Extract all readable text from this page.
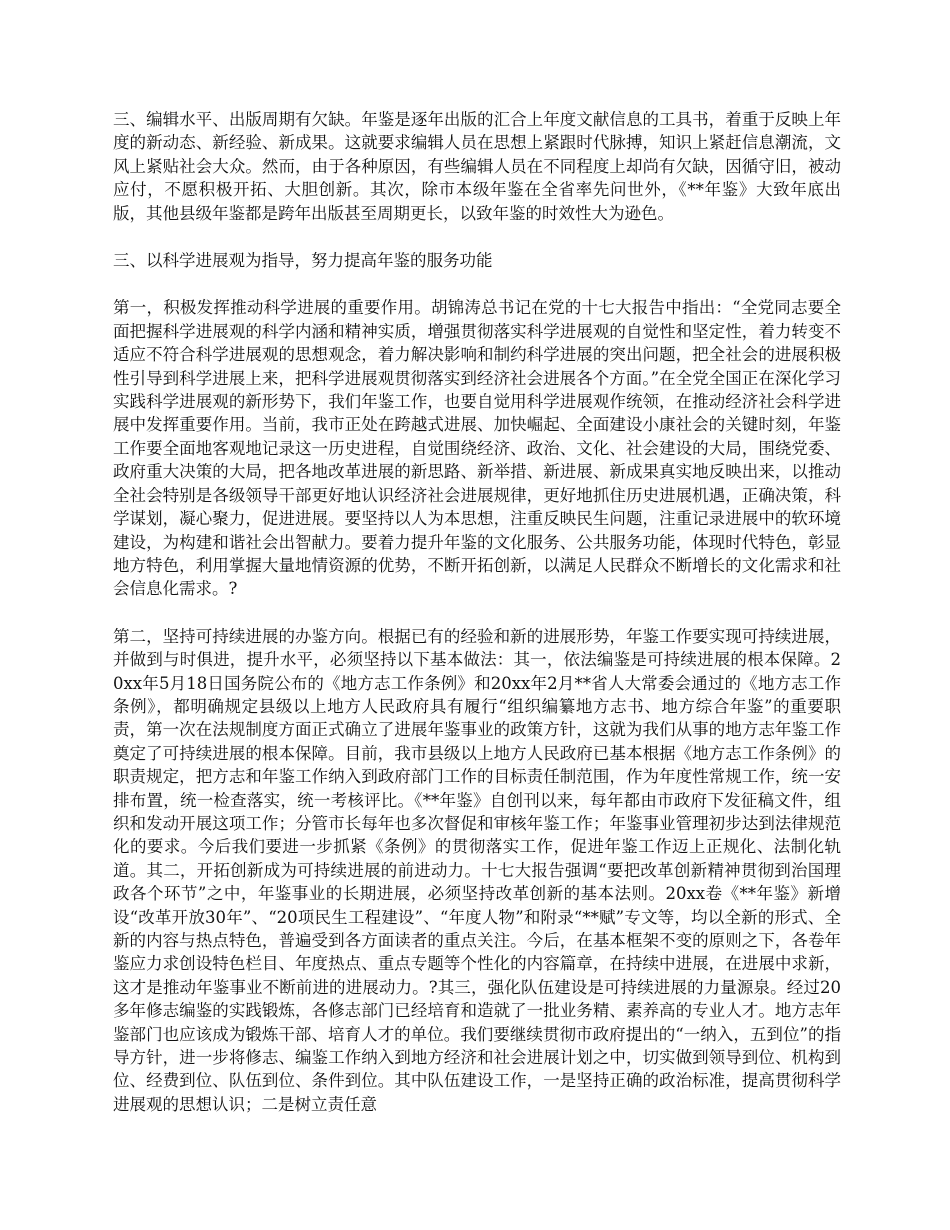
三、编辑水平、出版周期有欠缺。年鉴是逐年出版的汇合上年度文献信息的工具书，着重于反映上年度的新动态、新经验、新成果。这就要求编辑人员在思想上紧跟时代脉搏，知识上紧赶信息潮流，文风上紧贴社会大众。然而，由于各种原因，有些编辑人员在不同程度上却尚有欠缺，因循守旧，被动应付，不愿积极开拓、大胆创新。其次，除市本级年鉴在全省率先问世外，《**年鉴》大致年底出版，其他县级年鉴都是跨年出版甚至周期更长，以致年鉴的时效性大为逊色。

三、以科学进展观为指导，努力提高年鉴的服务功能

第一，积极发挥推动科学进展的重要作用。胡锦涛总书记在党的十七大报告中指出：“全党同志要全面把握科学进展观的科学内涵和精神实质，增强贯彻落实科学进展观的自觉性和坚定性，着力转变不适应不符合科学进展观的思想观念，着力解决影响和制约科学进展的突出问题，把全社会的进展积极性引导到科学进展上来，把科学进展观贯彻落实到经济社会进展各个方面。”在全党全国正在深化学习实践科学进展观的新形势下，我们年鉴工作，也要自觉用科学进展观作统领，在推动经济社会科学进展中发挥重要作用。当前，我市正处在跨越式进展、加快崛起、全面建设小康社会的关键时刻，年鉴工作要全面地客观地记录这一历史进程，自觉围绕经济、政治、文化、社会建设的大局，围绕党委、政府重大决策的大局，把各地改革进展的新思路、新举措、新进展、新成果真实地反映出来，以推动全社会特别是各级领导干部更好地认识经济社会进展规律，更好地抓住历史进展机遇，正确决策，科学谋划，凝心聚力，促进进展。要坚持以人为本思想，注重反映民生问题，注重记录进展中的软环境建设，为构建和谐社会出智献力。要着力提升年鉴的文化服务、公共服务功能，体现时代特色，彰显地方特色，利用掌握大量地情资源的优势，不断开拓创新，以满足人民群众不断增长的文化需求和社会信息化需求。?

第二，坚持可持续进展的办鉴方向。根据已有的经验和新的进展形势，年鉴工作要实现可持续进展，并做到与时俱进，提升水平，必须坚持以下基本做法：其一，依法编鉴是可持续进展的根本保障。20xx年5月18日国务院公布的《地方志工作条例》和20xx年2月**省人大常委会通过的《地方志工作条例》，都明确规定县级以上地方人民政府具有履行“组织编纂地方志书、地方综合年鉴”的重要职责，第一次在法规制度方面正式确立了进展年鉴事业的政策方针，这就为我们从事的地方志年鉴工作奠定了可持续进展的根本保障。目前，我市县级以上地方人民政府已基本根据《地方志工作条例》的职责规定，把方志和年鉴工作纳入到政府部门工作的目标责任制范围，作为年度性常规工作，统一安排布置，统一检查落实，统一考核评比。《**年鉴》自创刊以来，每年都由市政府下发征稿文件，组织和发动开展这项工作；分管市长每年也多次督促和审核年鉴工作；年鉴事业管理初步达到法律规范化的要求。今后我们要进一步抓紧《条例》的贯彻落实工作，促进年鉴工作迈上正规化、法制化轨道。其二，开拓创新成为可持续进展的前进动力。十七大报告强调“要把改革创新精神贯彻到治国理政各个环节”之中，年鉴事业的长期进展，必须坚持改革创新的基本法则。20xx卷《**年鉴》新增设“改革开放30年”、“20项民生工程建设”、“年度人物”和附录“**赋”专文等，均以全新的形式、全新的内容与热点特色，普遍受到各方面读者的重点关注。今后，在基本框架不变的原则之下，各卷年鉴应力求创设特色栏目、年度热点、重点专题等个性化的内容篇章，在持续中进展，在进展中求新，这才是推动年鉴事业不断前进的进展动力。?其三，强化队伍建设是可持续进展的力量源泉。经过20多年修志编鉴的实践锻炼，各修志部门已经培育和造就了一批业务精、素养高的专业人才。地方志年鉴部门也应该成为锻炼干部、培育人才的单位。我们要继续贯彻市政府提出的“一纳入，五到位”的指导方针，进一步将修志、编鉴工作纳入到地方经济和社会进展计划之中，切实做到领导到位、机构到位、经费到位、队伍到位、条件到位。其中队伍建设工作，一是坚持正确的政治标准，提高贯彻科学进展观的思想认识；二是树立责任意
